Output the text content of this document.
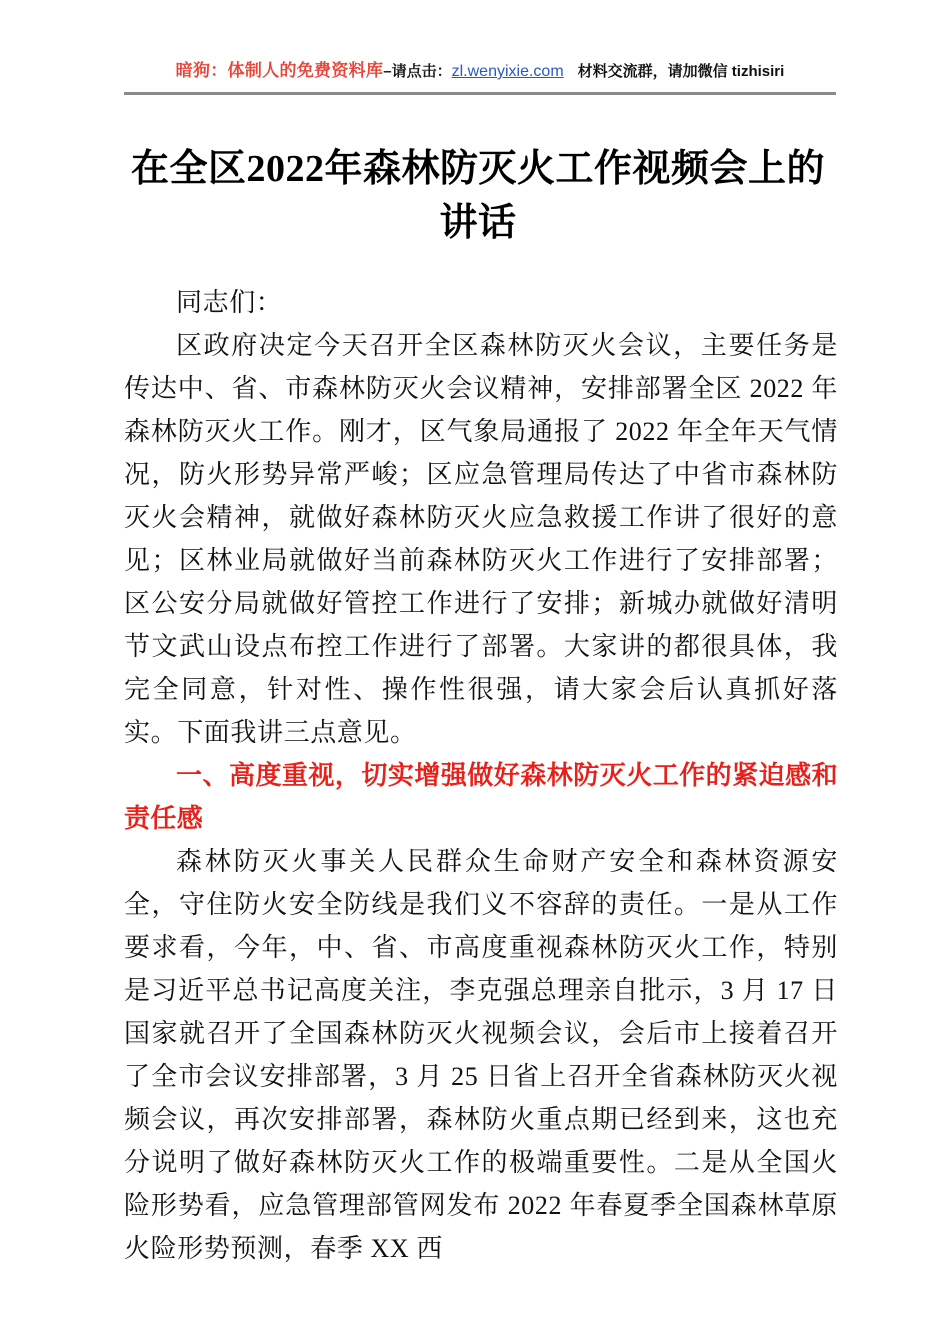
暗狗：体制人的免费资料库–请点击：zl.wenyixie.com 材料交流群，请加微信 tizhisiri
在全区2022年森林防灭火工作视频会上的讲话

同志们：

区政府决定今天召开全区森林防灭火会议，主要任务是传达中、省、市森林防灭火会议精神，安排部署全区 2022 年森林防灭火工作。刚才，区气象局通报了 2022 年全年天气情况，防火形势异常严峻；区应急管理局传达了中省市森林防灭火会精神，就做好森林防灭火应急救援工作讲了很好的意见；区林业局就做好当前森林防灭火工作进行了安排部署；区公安分局就做好管控工作进行了安排；新城办就做好清明节文武山设点布控工作进行了部署。大家讲的都很具体，我完全同意，针对性、操作性很强，请大家会后认真抓好落实。下面我讲三点意见。

一、高度重视，切实增强做好森林防灭火工作的紧迫感和责任感

森林防灭火事关人民群众生命财产安全和森林资源安全，守住防火安全防线是我们义不容辞的责任。一是从工作要求看，今年，中、省、市高度重视森林防灭火工作，特别是习近平总书记高度关注，李克强总理亲自批示，3 月 17 日国家就召开了全国森林防灭火视频会议，会后市上接着召开了全市会议安排部署，3 月 25 日省上召开全省森林防灭火视频会议，再次安排部署，森林防火重点期已经到来，这也充分说明了做好森林防灭火工作的极端重要性。二是从全国火险形势看，应急管理部管网发布 2022 年春夏季全国森林草原火险形势预测，春季 XX 西
